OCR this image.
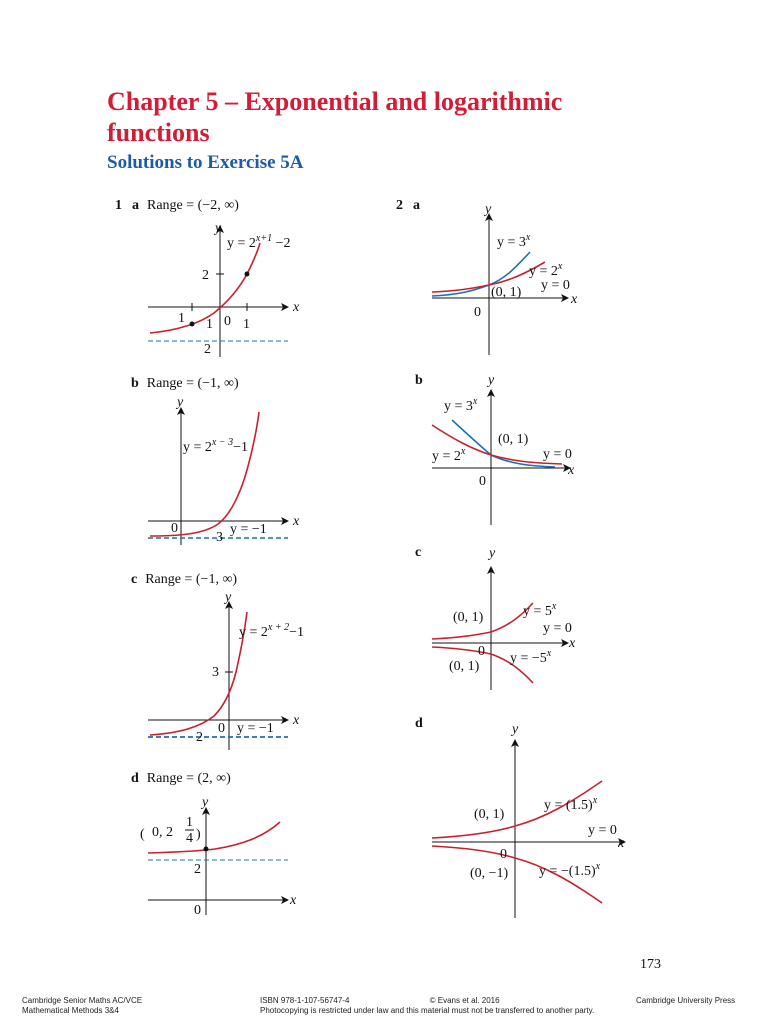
Chapter 5 – Exponential and logarithmic functions
Solutions to Exercise 5A
1 a Range = (−2, ∞)
b Range = (−1, ∞)
c Range = (−1, ∞)
d Range = (2, ∞)
2 a
b
c
d
$y = 2^{x+1} -2$
2
1 1 0 1
2
x
y
$y = 2^{x - 3}-1$
0
3
y = −1
x
y
$y = 2^{x + 2}-1$
3
2
0 y = −1
x
y
( 0, 2
1
4 )
2
0
x
y
$y = 3^x$
$y = 2^x$
(0, 1) y = 0
0
x
y
$y = 3^x$
$y = 2^x$
(0, 1)
y = 0
0
x
y
$y = 5^x$
$y = -5^x$
(0, 1)
(0, 1)
y = 0
0
x
y
$y = (1.5)^x$
$y = -(1.5)^x$
(0, 1)
(0, −1)
y = 0
0
x
y
173
Cambridge Senior Maths AC/VCE
Mathematical Methods 3&4
ISBN 978-1-107-56747-4	© Evans et al. 2016
Photocopying is restricted under law and this material must not be transferred to another party.
Cambridge University Press
